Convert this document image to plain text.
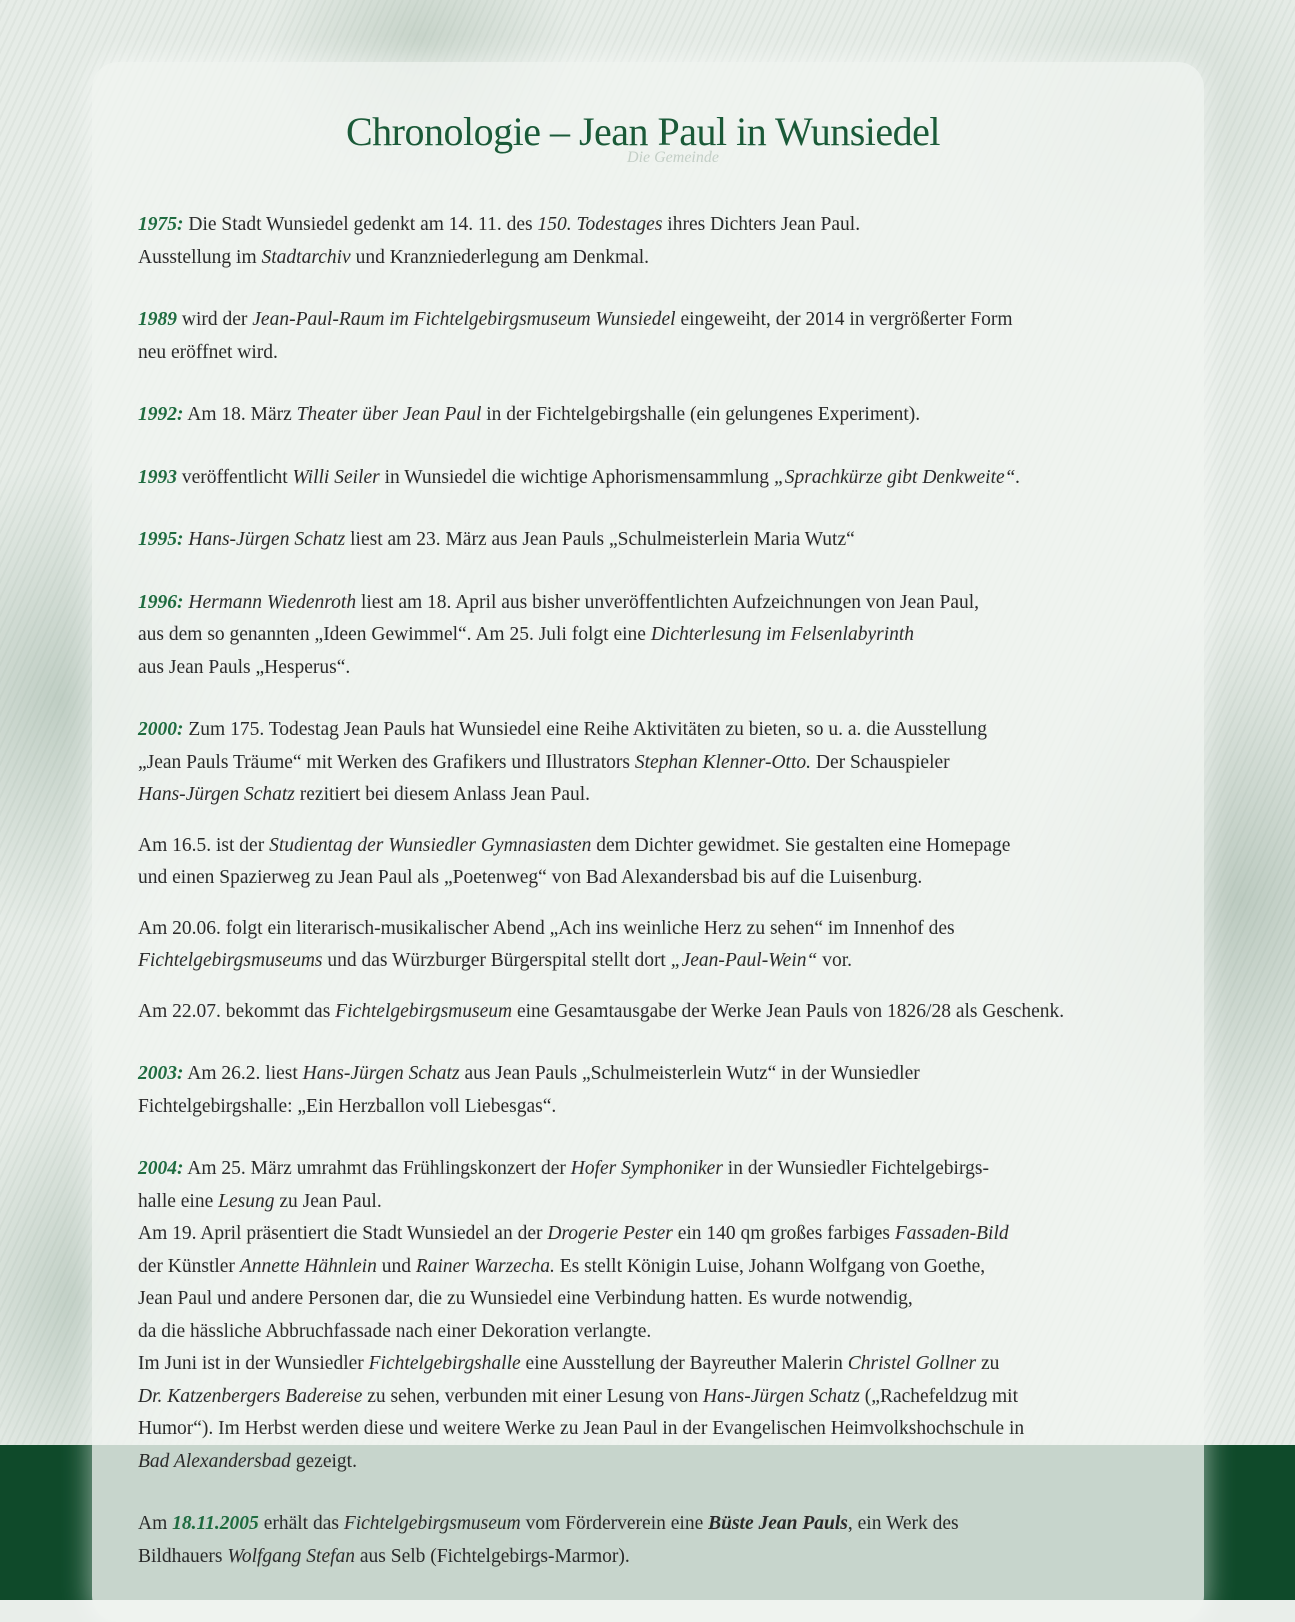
Chronologie – Jean Paul in Wunsiedel
Die Gemeinde

1975: Die Stadt Wunsiedel gedenkt am 14. 11. des 150. Todestages ihres Dichters Jean Paul.

Ausstellung im Stadtarchiv und Kranzniederlegung am Denkmal.

1989 wird der Jean-Paul-Raum im Fichtelgebirgsmuseum Wunsiedel eingeweiht, der 2014 in vergrößerter Form

neu eröffnet wird.

1992: Am 18. März Theater über Jean Paul in der Fichtelgebirgshalle (ein gelungenes Experiment).

1993 veröffentlicht Willi Seiler in Wunsiedel die wichtige Aphorismensammlung „Sprachkürze gibt Denkweite“.

1995: Hans-Jürgen Schatz liest am 23. März aus Jean Pauls „Schulmeisterlein Maria Wutz“

1996: Hermann Wiedenroth liest am 18. April aus bisher unveröffentlichten Aufzeichnungen von Jean Paul,

aus dem so genannten „Ideen Gewimmel“. Am 25. Juli folgt eine Dichterlesung im Felsenlabyrinth

aus Jean Pauls „Hesperus“.

2000: Zum 175. Todestag Jean Pauls hat Wunsiedel eine Reihe Aktivitäten zu bieten, so u. a. die Ausstellung

„Jean Pauls Träume“ mit Werken des Grafikers und Illustrators Stephan Klenner-Otto. Der Schauspieler

Hans-Jürgen Schatz rezitiert bei diesem Anlass Jean Paul.

Am 16.5. ist der Studientag der Wunsiedler Gymnasiasten dem Dichter gewidmet. Sie gestalten eine Homepage

und einen Spazierweg zu Jean Paul als „Poetenweg“ von Bad Alexandersbad bis auf die Luisenburg.

Am 20.06. folgt ein literarisch-musikalischer Abend „Ach ins weinliche Herz zu sehen“ im Innenhof des

Fichtelgebirgsmuseums und das Würzburger Bürgerspital stellt dort „Jean-Paul-Wein“ vor.

Am 22.07. bekommt das Fichtelgebirgsmuseum eine Gesamtausgabe der Werke Jean Pauls von 1826/28 als Geschenk.

2003: Am 26.2. liest Hans-Jürgen Schatz aus Jean Pauls „Schulmeisterlein Wutz“ in der Wunsiedler

Fichtelgebirgshalle: „Ein Herzballon voll Liebesgas“.

2004: Am 25. März umrahmt das Frühlingskonzert der Hofer Symphoniker in der Wunsiedler Fichtelgebirgs-

halle eine Lesung zu Jean Paul.

Am 19. April präsentiert die Stadt Wunsiedel an der Drogerie Pester ein 140 qm großes farbiges Fassaden-Bild

der Künstler Annette Hähnlein und Rainer Warzecha. Es stellt Königin Luise, Johann Wolfgang von Goethe,

Jean Paul und andere Personen dar, die zu Wunsiedel eine Verbindung hatten. Es wurde notwendig,

da die hässliche Abbruchfassade nach einer Dekoration verlangte.

Im Juni ist in der Wunsiedler Fichtelgebirgshalle eine Ausstellung der Bayreuther Malerin Christel Gollner zu

Dr. Katzenbergers Badereise zu sehen, verbunden mit einer Lesung von Hans-Jürgen Schatz („Rachefeldzug mit

Humor“). Im Herbst werden diese und weitere Werke zu Jean Paul in der Evangelischen Heimvolkshochschule in

Bad Alexandersbad gezeigt.

Am 18.11.2005 erhält das Fichtelgebirgsmuseum vom Förderverein eine Büste Jean Pauls, ein Werk des

Bildhauers Wolfgang Stefan aus Selb (Fichtelgebirgs-Marmor).
